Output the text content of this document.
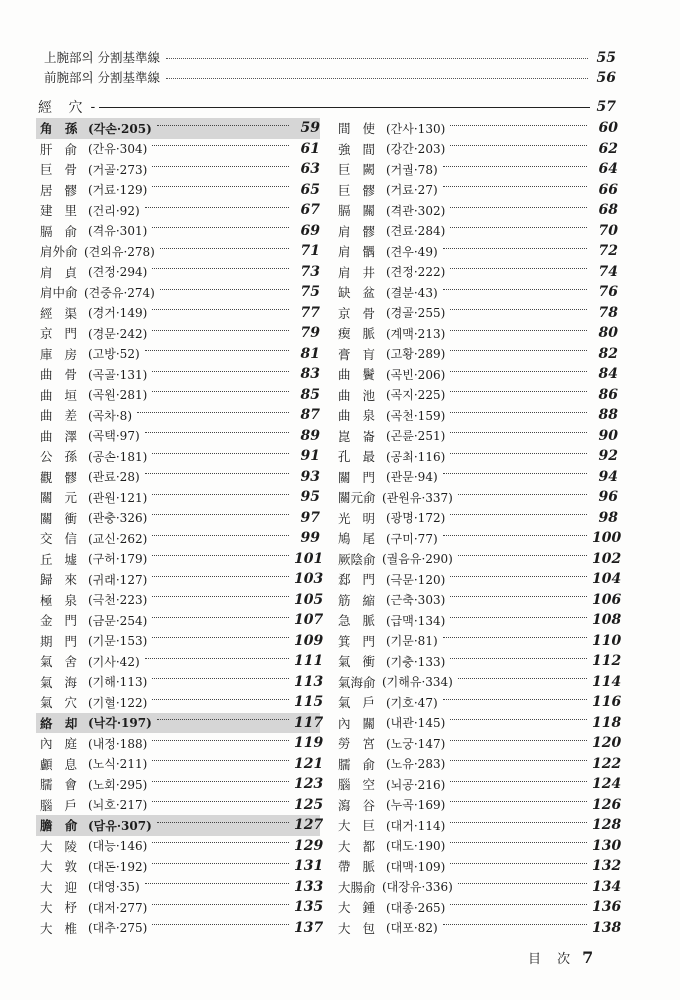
上腕部의 分割基準線	55
前腕部의 分割基準線	56
經 穴 -	57
角 孫 (각손·205)	59
肝 俞 (간유·304)	61
巨 骨 (거골·273)	63
居 髎 (거료·129)	65
建 里 (건리·92)	67
膈 俞 (격유·301)	69
肩外俞 (견외유·278)	71
肩 貞 (견정·294)	73
肩中俞 (견중유·274)	75
經 渠 (경거·149)	77
京 門 (경문·242)	79
庫 房 (고방·52)	81
曲 骨 (곡골·131)	83
曲 垣 (곡원·281)	85
曲 差 (곡차·8)	87
曲 澤 (곡택·97)	89
公 孫 (공손·181)	91
觀 髎 (관료·28)	93
關 元 (관원·121)	95
關 衝 (관충·326)	97
交 信 (교신·262)	99
丘 墟 (구허·179)	101
歸 來 (귀래·127)	103
極 泉 (극천·223)	105
金 門 (금문·254)	107
期 門 (기문·153)	109
氣 舍 (기사·42)	111
氣 海 (기해·113)	113
氣 穴 (기혈·122)	115
絡 却 (낙각·197)	117
內 庭 (내정·188)	119
顱 息 (노식·211)	121
臑 會 (노회·295)	123
腦 戶 (뇌호·217)	125
膽 俞 (담유·307)	127
大 陵 (대능·146)	129
大 敦 (대돈·192)	131
大 迎 (대영·35)	133
大 杼 (대저·277)	135
大 椎 (대추·275)	137
間 使 (간사·130)	60
強 間 (강간·203)	62
巨 闕 (거궐·78)	64
巨 髎 (거료·27)	66
膈 關 (격관·302)	68
肩 髎 (견료·284)	70
肩 髃 (견우·49)	72
肩 井 (견정·222)	74
缺 盆 (결분·43)	76
京 骨 (경골·255)	78
瘈 脈 (계맥·213)	80
膏 肓 (고황·289)	82
曲 鬢 (곡빈·206)	84
曲 池 (곡지·225)	86
曲 泉 (곡천·159)	88
崑 崙 (곤륜·251)	90
孔 最 (공최·116)	92
關 門 (관문·94)	94
關元俞 (관원유·337)	96
光 明 (광명·172)	98
鳩 尾 (구미·77)	100
厥陰俞 (궐음유·290)	102
郄 門 (극문·120)	104
筋 縮 (근축·303)	106
急 脈 (급맥·134)	108
箕 門 (기문·81)	110
氣 衝 (기충·133)	112
氣海俞 (기해유·334)	114
氣 戶 (기호·47)	116
內 關 (내관·145)	118
勞 宮 (노궁·147)	120
臑 俞 (노유·283)	122
腦 空 (뇌공·216)	124
瀉 谷 (누곡·169)	126
大 巨 (대거·114)	128
大 都 (대도·190)	130
帶 脈 (대맥·109)	132
大腸俞 (대장유·336)	134
大 鍾 (대종·265)	136
大 包 (대포·82)	138
目 次 7
